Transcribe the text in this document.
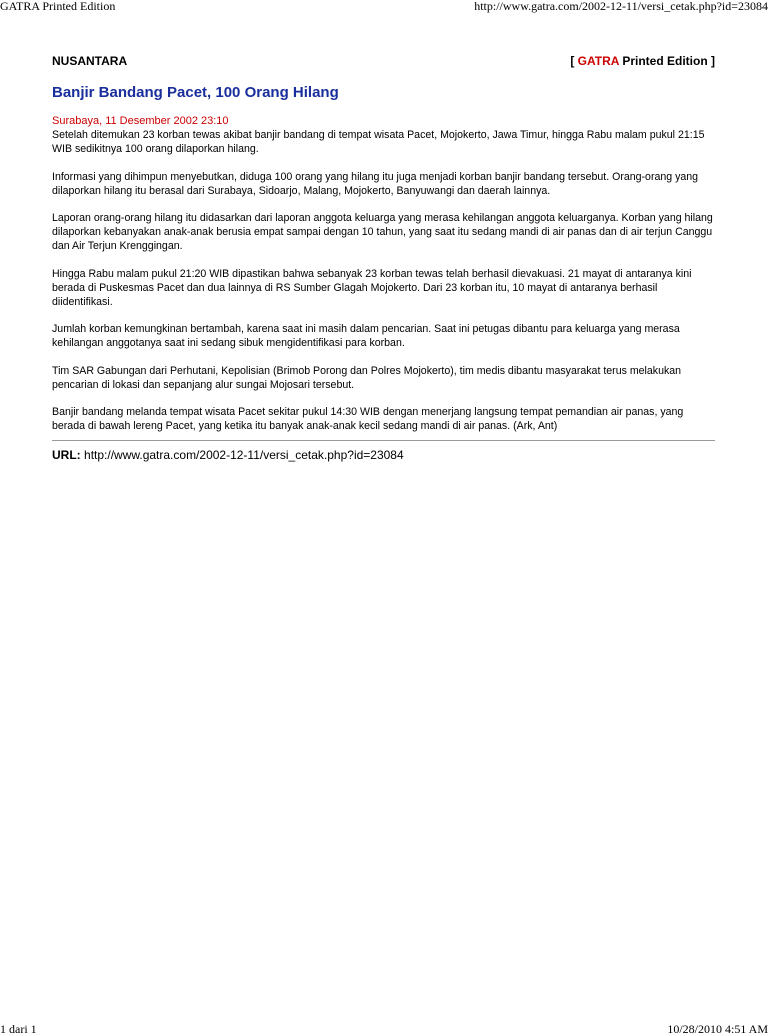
GATRA Printed Edition	http://www.gatra.com/2002-12-11/versi_cetak.php?id=23084
NUSANTARA	[ GATRA Printed Edition ]
Banjir Bandang Pacet, 100 Orang Hilang
Surabaya, 11 Desember 2002 23:10

Setelah ditemukan 23 korban tewas akibat banjir bandang di tempat wisata Pacet, Mojokerto, Jawa Timur, hingga Rabu malam pukul 21:15 WIB sedikitnya 100 orang dilaporkan hilang.

Informasi yang dihimpun menyebutkan, diduga 100 orang yang hilang itu juga menjadi korban banjir bandang tersebut. Orang-orang yang dilaporkan hilang itu berasal dari Surabaya, Sidoarjo, Malang, Mojokerto, Banyuwangi dan daerah lainnya.

Laporan orang-orang hilang itu didasarkan dari laporan anggota keluarga yang merasa kehilangan anggota keluarganya. Korban yang hilang dilaporkan kebanyakan anak-anak berusia empat sampai dengan 10 tahun, yang saat itu sedang mandi di air panas dan di air terjun Canggu dan Air Terjun Krenggingan.

Hingga Rabu malam pukul 21:20 WIB dipastikan bahwa sebanyak 23 korban tewas telah berhasil dievakuasi. 21 mayat di antaranya kini berada di Puskesmas Pacet dan dua lainnya di RS Sumber Glagah Mojokerto. Dari 23 korban itu, 10 mayat di antaranya berhasil diidentifikasi.

Jumlah korban kemungkinan bertambah, karena saat ini masih dalam pencarian. Saat ini petugas dibantu para keluarga yang merasa kehilangan anggotanya saat ini sedang sibuk mengidentifikasi para korban.

Tim SAR Gabungan dari Perhutani, Kepolisian (Brimob Porong dan Polres Mojokerto), tim medis dibantu masyarakat terus melakukan pencarian di lokasi dan sepanjang alur sungai Mojosari tersebut.

Banjir bandang melanda tempat wisata Pacet sekitar pukul 14:30 WIB dengan menerjang langsung tempat pemandian air panas, yang berada di bawah lereng Pacet, yang ketika itu banyak anak-anak kecil sedang mandi di air panas. (Ark, Ant)

URL: http://www.gatra.com/2002-12-11/versi_cetak.php?id=23084
1 dari 1	10/28/2010 4:51 AM
